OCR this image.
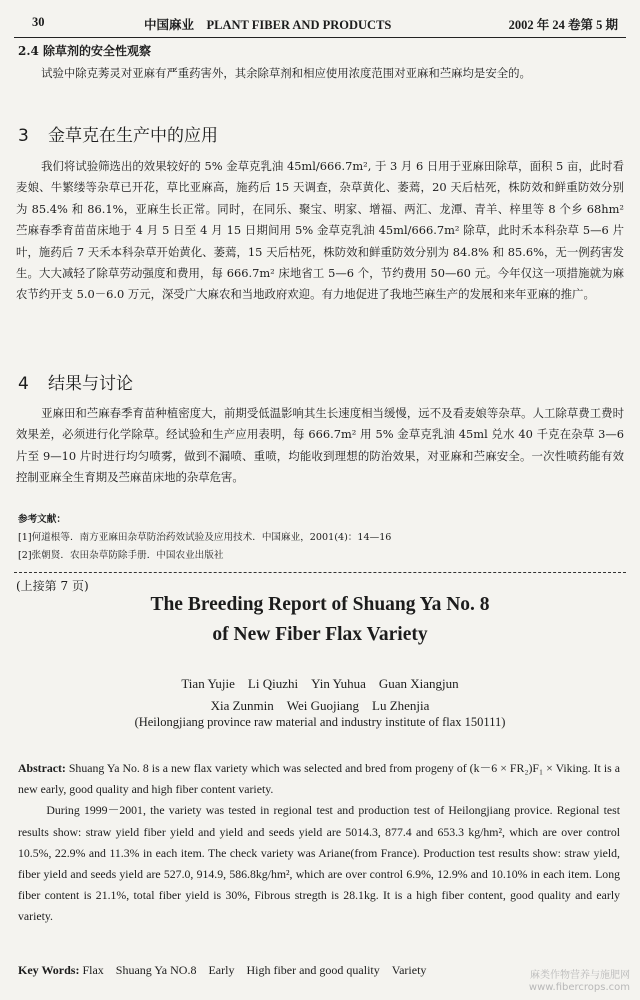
30	中国麻业　PLANT FIBER AND PRODUCTS	2002 年 24 卷第 5 期
2.4 除草剂的安全性观察

试验中除克莠灵对亚麻有严重药害外，其余除草剂和相应使用浓度范围对亚麻和苎麻均是安全的。

3 金草克在生产中的应用

我们将试验筛选出的效果较好的 5% 金草克乳油 45ml/666.7m², 于 3 月 6 日用于亚麻田除草，面积 5 亩，此时看麦娘、牛繁缕等杂草已开花，草比亚麻高，施药后 15 天调查，杂草黄化、萎蔫，20 天后枯死，株防效和鲜重防效分别为 85.4% 和 86.1%，亚麻生长正常。同时，在同乐、聚宝、明家、增福、两汇、龙潭、青羊、梓里等 8 个乡 68hm² 苎麻春季育苗苗床地于 4 月 5 日至 4 月 15 日期间用 5% 金草克乳油 45ml/666.7m² 除草，此时禾本科杂草 5—6 片叶，施药后 7 天禾本科杂草开始黄化、萎蔫，15 天后枯死，株防效和鲜重防效分别为 84.8% 和 85.6%，无一例药害发生。大大减轻了除草劳动强度和费用，每 666.7m² 床地省工 5—6 个，节约费用 50—60 元。今年仅这一项措施就为麻农节约开支 5.0－6.0 万元，深受广大麻农和当地政府欢迎。有力地促进了我地苎麻生产的发展和来年亚麻的推广。

4 结果与讨论

亚麻田和苎麻春季育苗种植密度大，前期受低温影响其生长速度相当缓慢，远不及看麦娘等杂草。人工除草费工费时效果差，必须进行化学除草。经试验和生产应用表明，每 666.7m² 用 5% 金草克乳油 45ml 兑水 40 千克在杂草 3—6 片至 9—10 片时进行均匀喷雾，做到不漏喷、重喷，均能收到理想的防治效果，对亚麻和苎麻安全。一次性喷药能有效控制亚麻全生育期及苎麻苗床地的杂草危害。

参考文献：
[1]何道根等．南方亚麻田杂草防治药效试验及应用技术．中国麻业，2001(4)：14—16
[2]张朝贤．农田杂草防除手册．中国农业出版社
(上接第 7 页)
The Breeding Report of Shuang Ya No. 8
of New Fiber Flax Variety
Tian Yujie　Li Qiuzhi　Yin Yuhua　Guan Xiangjun
Xia Zunmin　Wei Guojiang　Lu Zhenjia
(Heilongjiang province raw material and industry institute of flax 150111)

Abstract: Shuang Ya No. 8 is a new flax variety which was selected and bred from progeny of (k－6 × FR₂)F₁ × Viking. It is a new early, good quality and high fiber content variety.

During 1999－2001, the variety was tested in regional test and production test of Heilongjiang provice. Regional test results show: straw yield fiber yield and yield and seeds yield are 5014.3, 877.4 and 653.3 kg/hm², which are over control 10.5%, 22.9% and 11.3% in each item. The check variety was Ariane(from France). Production test results show: straw yield, fiber yield and seeds yield are 527.0, 914.9, 586.8kg/hm², which are over control 6.9%, 12.9% and 10.10% in each item. Long fiber content is 21.1%, total fiber yield is 30%, Fibrous stregth is 28.1kg. It is a high fiber content, good quality and early variety.

Key Words: Flax　Shuang Ya NO.8　Early　High fiber and good quality　Variety	麻类作物营养与施肥网
www.fibercrops.com
